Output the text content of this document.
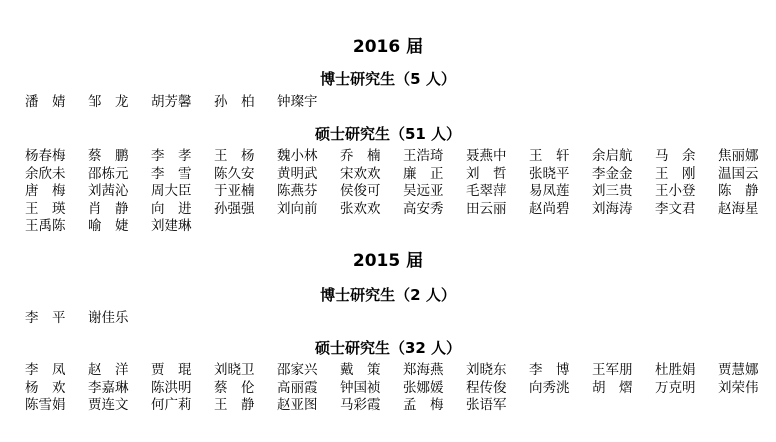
2016 届
博士研究生（5 人）
潘　婧 邹　龙 胡芳馨 孙　柏 钟璨宇
硕士研究生（51 人）
杨春梅 蔡　鹏 李　孝 王　杨 魏小林 乔　楠 王浩琦 聂燕中 王　轩 余启航 马　余 焦丽娜
余欣未 邵栋元 李　雪 陈久安 黄明武 宋欢欢 廉　正 刘　哲 张晓平 李金金 王　刚 温国云
唐　梅 刘茜沁 周大臣 于亚楠 陈燕芬 侯俊可 吴远亚 毛翠萍 易凤莲 刘三贵 王小登 陈　静
王　瑛 肖　静 向　进 孙强强 刘向前 张欢欢 高安秀 田云丽 赵尚碧 刘海涛 李文君 赵海星
王禹陈 喻　婕 刘建琳
2015 届
博士研究生（2 人）
李　平 谢佳乐
硕士研究生（32 人）
李　凤 赵　洋 贾　琨 刘晓卫 邵家兴 戴　策 郑海燕 刘晓东 李　博 王军朋 杜胜娟 贾慧娜
杨　欢 李嘉琳 陈洪明 蔡　伦 高丽霞 钟国祯 张娜媛 程传俊 向秀洮 胡　熠 万克明 刘荣伟
陈雪娟 贾连文 何广莉 王　静 赵亚图 马彩霞 孟　梅 张语军
